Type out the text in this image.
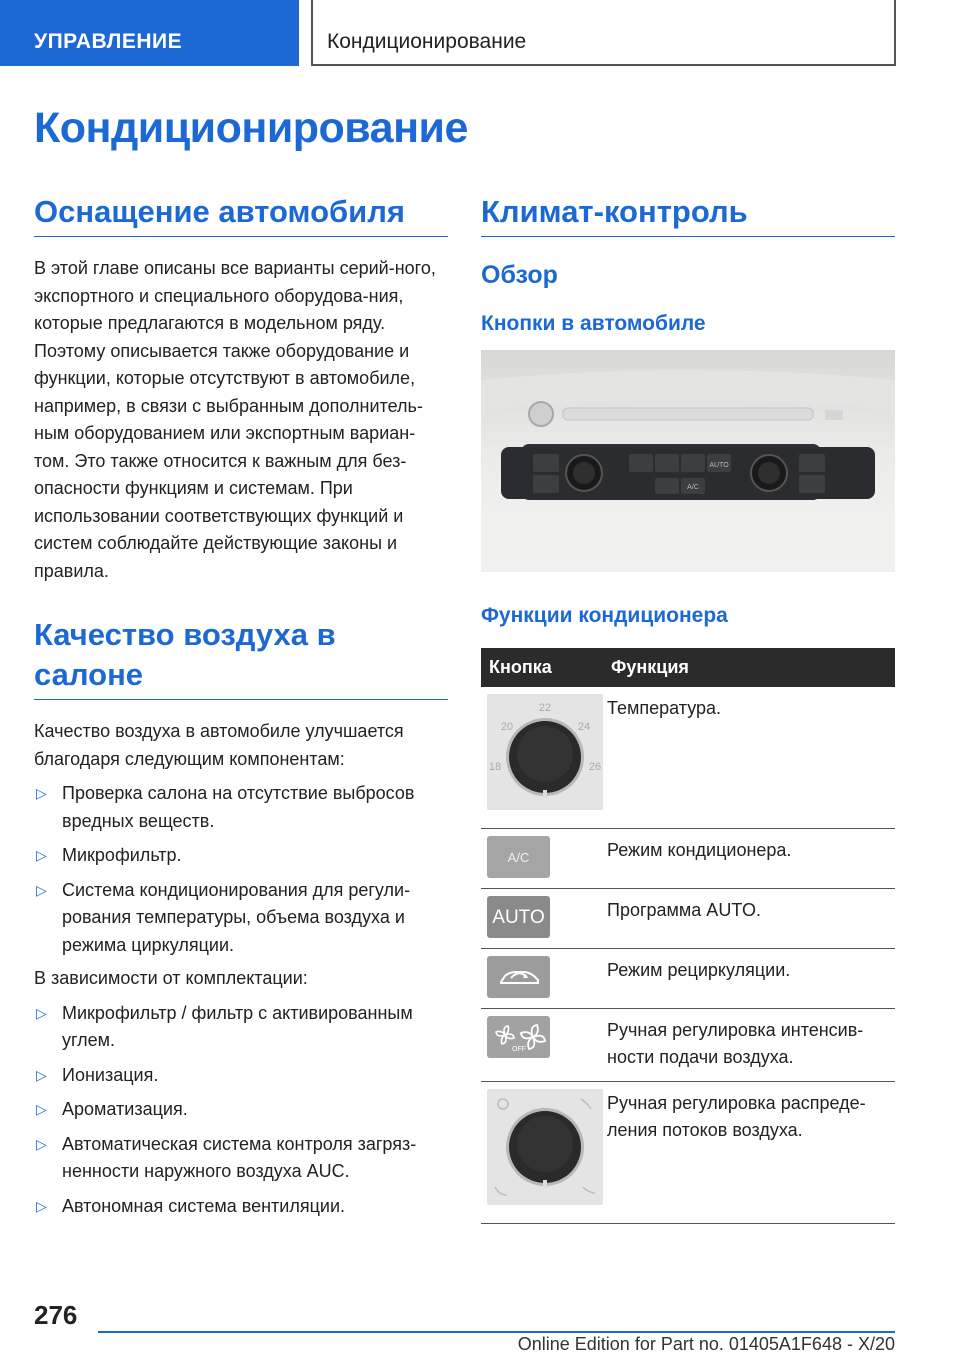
УПРАВЛЕНИЕ	Кондиционирование
Кондиционирование
Оснащение автомобиля

В этой главе описаны все варианты серий-ного, экспортного и специального оборудова-ния, которые предлагаются в модельном ряду. Поэтому описывается также оборудование и функции, которые отсутствуют в автомобиле, например, в связи с выбранным дополнитель-ным оборудованием или экспортным вариан-том. Это также относится к важным для без-опасности функциям и системам. При использовании соответствующих функций и систем соблюдайте действующие законы и правила.

Качество воздуха в салоне

Качество воздуха в автомобиле улучшается благодаря следующим компонентам:

▷ Проверка салона на отсутствие выбросов вредных веществ.
▷ Микрофильтр.
▷ Система кондиционирования для регули-рования температуры, объема воздуха и режима циркуляции.

В зависимости от комплектации:

▷ Микрофильтр / фильтр с активированным углем.
▷ Ионизация.
▷ Ароматизация.
▷ Автоматическая система контроля загряз-ненности наружного воздуха AUC.
▷ Автономная система вентиляции.
Климат-контроль
Обзор
Кнопки в автомобиле
AUTO
A/C
Функции кондиционера
Кнопка	Функция

22
20 24
18 26	Температура.

A/C	Режим кондиционера.

AUTO	Программа AUTO.

	Режим рециркуляции.

OFF	Ручная регулировка интенсив-ности подачи воздуха.
	Ручная регулировка распреде-ления потоков воздуха.
276
Online Edition for Part no. 01405A1F648 - X/20
